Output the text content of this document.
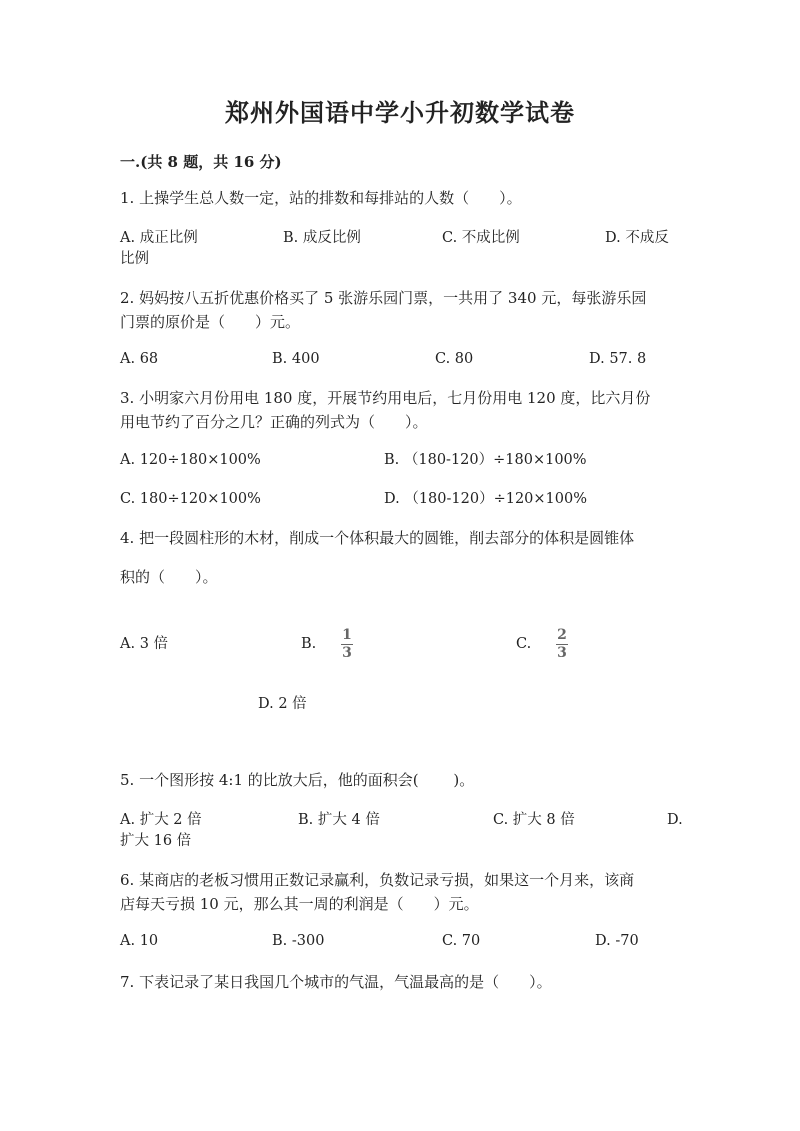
郑州外国语中学小升初数学试卷
一.(共 8 题，共 16 分)
1. 上操学生总人数一定，站的排数和每排站的人数（　　）。
A. 成正比例	B. 成反比例	C. 不成比例	D. 不成反
比例
2. 妈妈按八五折优惠价格买了 5 张游乐园门票，一共用了 340 元，每张游乐园
门票的原价是（　　）元。
A. 68	B. 400	C. 80	D. 57. 8
3. 小明家六月份用电 180 度，开展节约用电后，七月份用电 120 度，比六月份
用电节约了百分之几？正确的列式为（　　）。
A. 120÷180×100%	B. （180-120）÷180×100%
C. 180÷120×100%	D. （180-120）÷120×100%
4. 把一段圆柱形的木材，削成一个体积最大的圆锥，削去部分的体积是圆锥体
积的（　　）。
A. 3 倍	B.
1
3
C.
2
3
D. 2 倍
5. 一个图形按 4:1 的比放大后，他的面积会(　　 )。
A. 扩大 2 倍	B. 扩大 4 倍	C. 扩大 8 倍	D.
扩大 16 倍
6. 某商店的老板习惯用正数记录赢利，负数记录亏损，如果这一个月来，该商
店每天亏损 10 元，那么其一周的利润是（　　）元。
A. 10	B. -300	C. 70	D. -70
7. 下表记录了某日我国几个城市的气温，气温最高的是（　　）。
